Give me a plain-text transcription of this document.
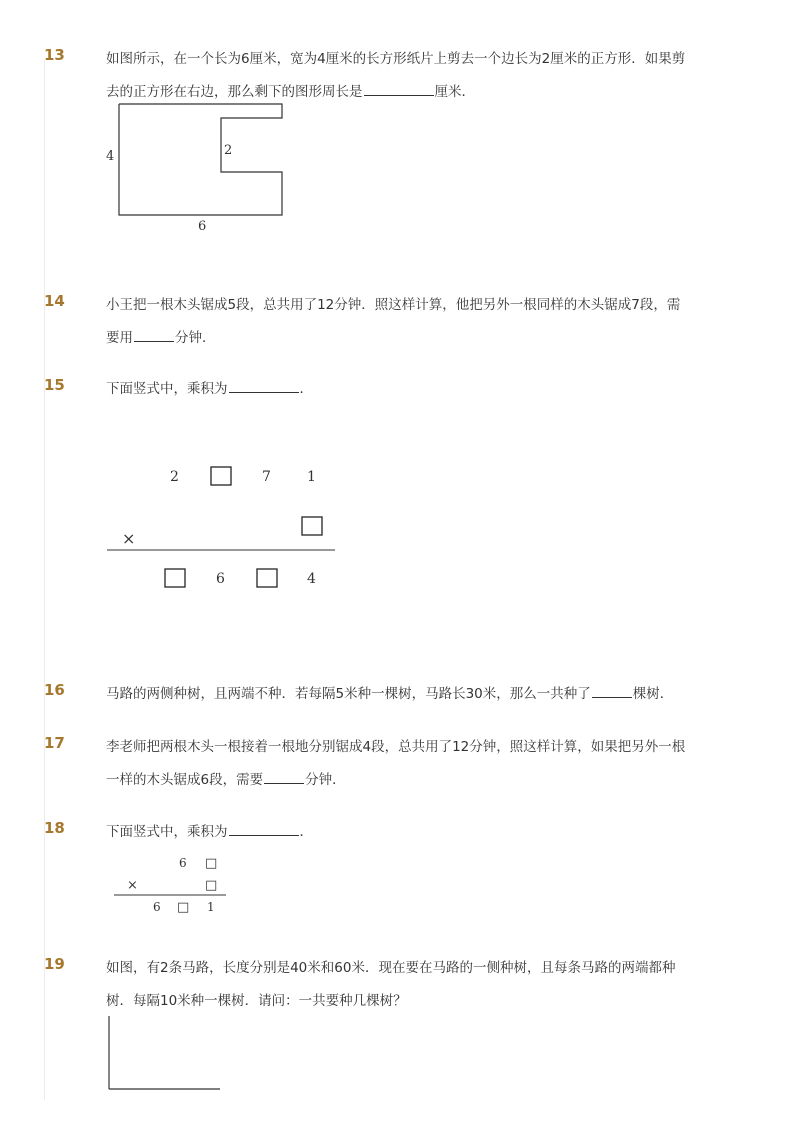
13	如图所示，在一个长为6厘米，宽为4厘米的长方形纸片上剪去一个边长为2厘米的正方形．如果剪
去的正方形在右边，那么剩下的图形周长是	厘米．
4	2
6
14	小王把一根木头锯成5段，总共用了12分钟．照这样计算，他把另外一根同样的木头锯成7段，需
要用	分钟．
15	下面竖式中，乘积为	．
2	7	1
×
6	4
16	马路的两侧种树，且两端不种．若每隔5米种一棵树，马路长30米，那么一共种了	棵树．
17	李老师把两根木头一根接着一根地分别锯成4段，总共用了12分钟，照这样计算，如果把另外一根
一样的木头锯成6段，需要	分钟．
18	下面竖式中，乘积为	．
6 □
×	□
6 □ 1
19	如图，有2条马路，长度分别是40米和60米．现在要在马路的一侧种树，且每条马路的两端都种
树．每隔10米种一棵树．请问：一共要种几棵树？
